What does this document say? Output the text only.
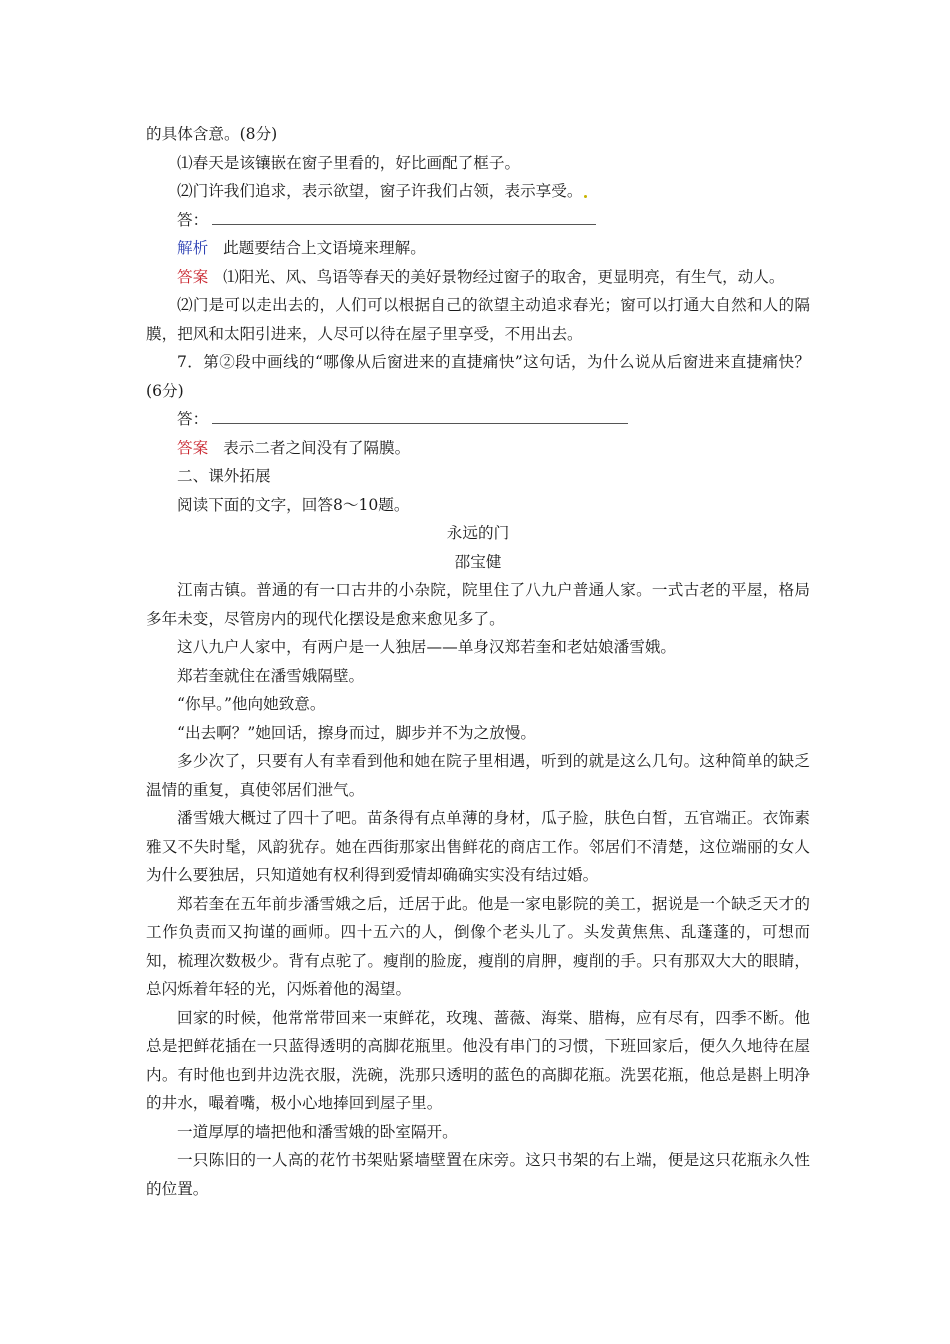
的具体含意。(8分)
⑴春天是该镶嵌在窗子里看的，好比画配了框子。
⑵门许我们追求，表示欲望，窗子许我们占领，表示享受。
答：
解析 此题要结合上文语境来理解。
答案 ⑴阳光、风、鸟语等春天的美好景物经过窗子的取舍，更显明亮，有生气，动人。
⑵门是可以走出去的，人们可以根据自己的欲望主动追求春光；窗可以打通大自然和人的隔膜，把风和太阳引进来，人尽可以待在屋子里享受，不用出去。
7．第②段中画线的“哪像从后窗进来的直捷痛快”这句话，为什么说从后窗进来直捷痛快？(6分)
答：
答案 表示二者之间没有了隔膜。
二、课外拓展
阅读下面的文字，回答8～10题。
永远的门
邵宝健
江南古镇。普通的有一口古井的小杂院，院里住了八九户普通人家。一式古老的平屋，格局多年未变，尽管房内的现代化摆设是愈来愈见多了。
这八九户人家中，有两户是一人独居——单身汉郑若奎和老姑娘潘雪娥。
郑若奎就住在潘雪娥隔壁。
“你早。”他向她致意。
“出去啊？”她回话，擦身而过，脚步并不为之放慢。
多少次了，只要有人有幸看到他和她在院子里相遇，听到的就是这么几句。这种简单的缺乏温情的重复，真使邻居们泄气。
潘雪娥大概过了四十了吧。苗条得有点单薄的身材，瓜子脸，肤色白皙，五官端正。衣饰素雅又不失时髦，风韵犹存。她在西街那家出售鲜花的商店工作。邻居们不清楚，这位端丽的女人为什么要独居，只知道她有权利得到爱情却确确实实没有结过婚。
郑若奎在五年前步潘雪娥之后，迁居于此。他是一家电影院的美工，据说是一个缺乏天才的工作负责而又拘谨的画师。四十五六的人，倒像个老头儿了。头发黄焦焦、乱蓬蓬的，可想而知，梳理次数极少。背有点驼了。瘦削的脸庞，瘦削的肩胛，瘦削的手。只有那双大大的眼睛，总闪烁着年轻的光，闪烁着他的渴望。
回家的时候，他常常带回来一束鲜花，玫瑰、蔷薇、海棠、腊梅，应有尽有，四季不断。他总是把鲜花插在一只蓝得透明的高脚花瓶里。他没有串门的习惯，下班回家后，便久久地待在屋内。有时他也到井边洗衣服，洗碗，洗那只透明的蓝色的高脚花瓶。洗罢花瓶，他总是斟上明净的井水，嘬着嘴，极小心地捧回到屋子里。
一道厚厚的墙把他和潘雪娥的卧室隔开。
一只陈旧的一人高的花竹书架贴紧墙壁置在床旁。这只书架的右上端，便是这只花瓶永久性的位置。
